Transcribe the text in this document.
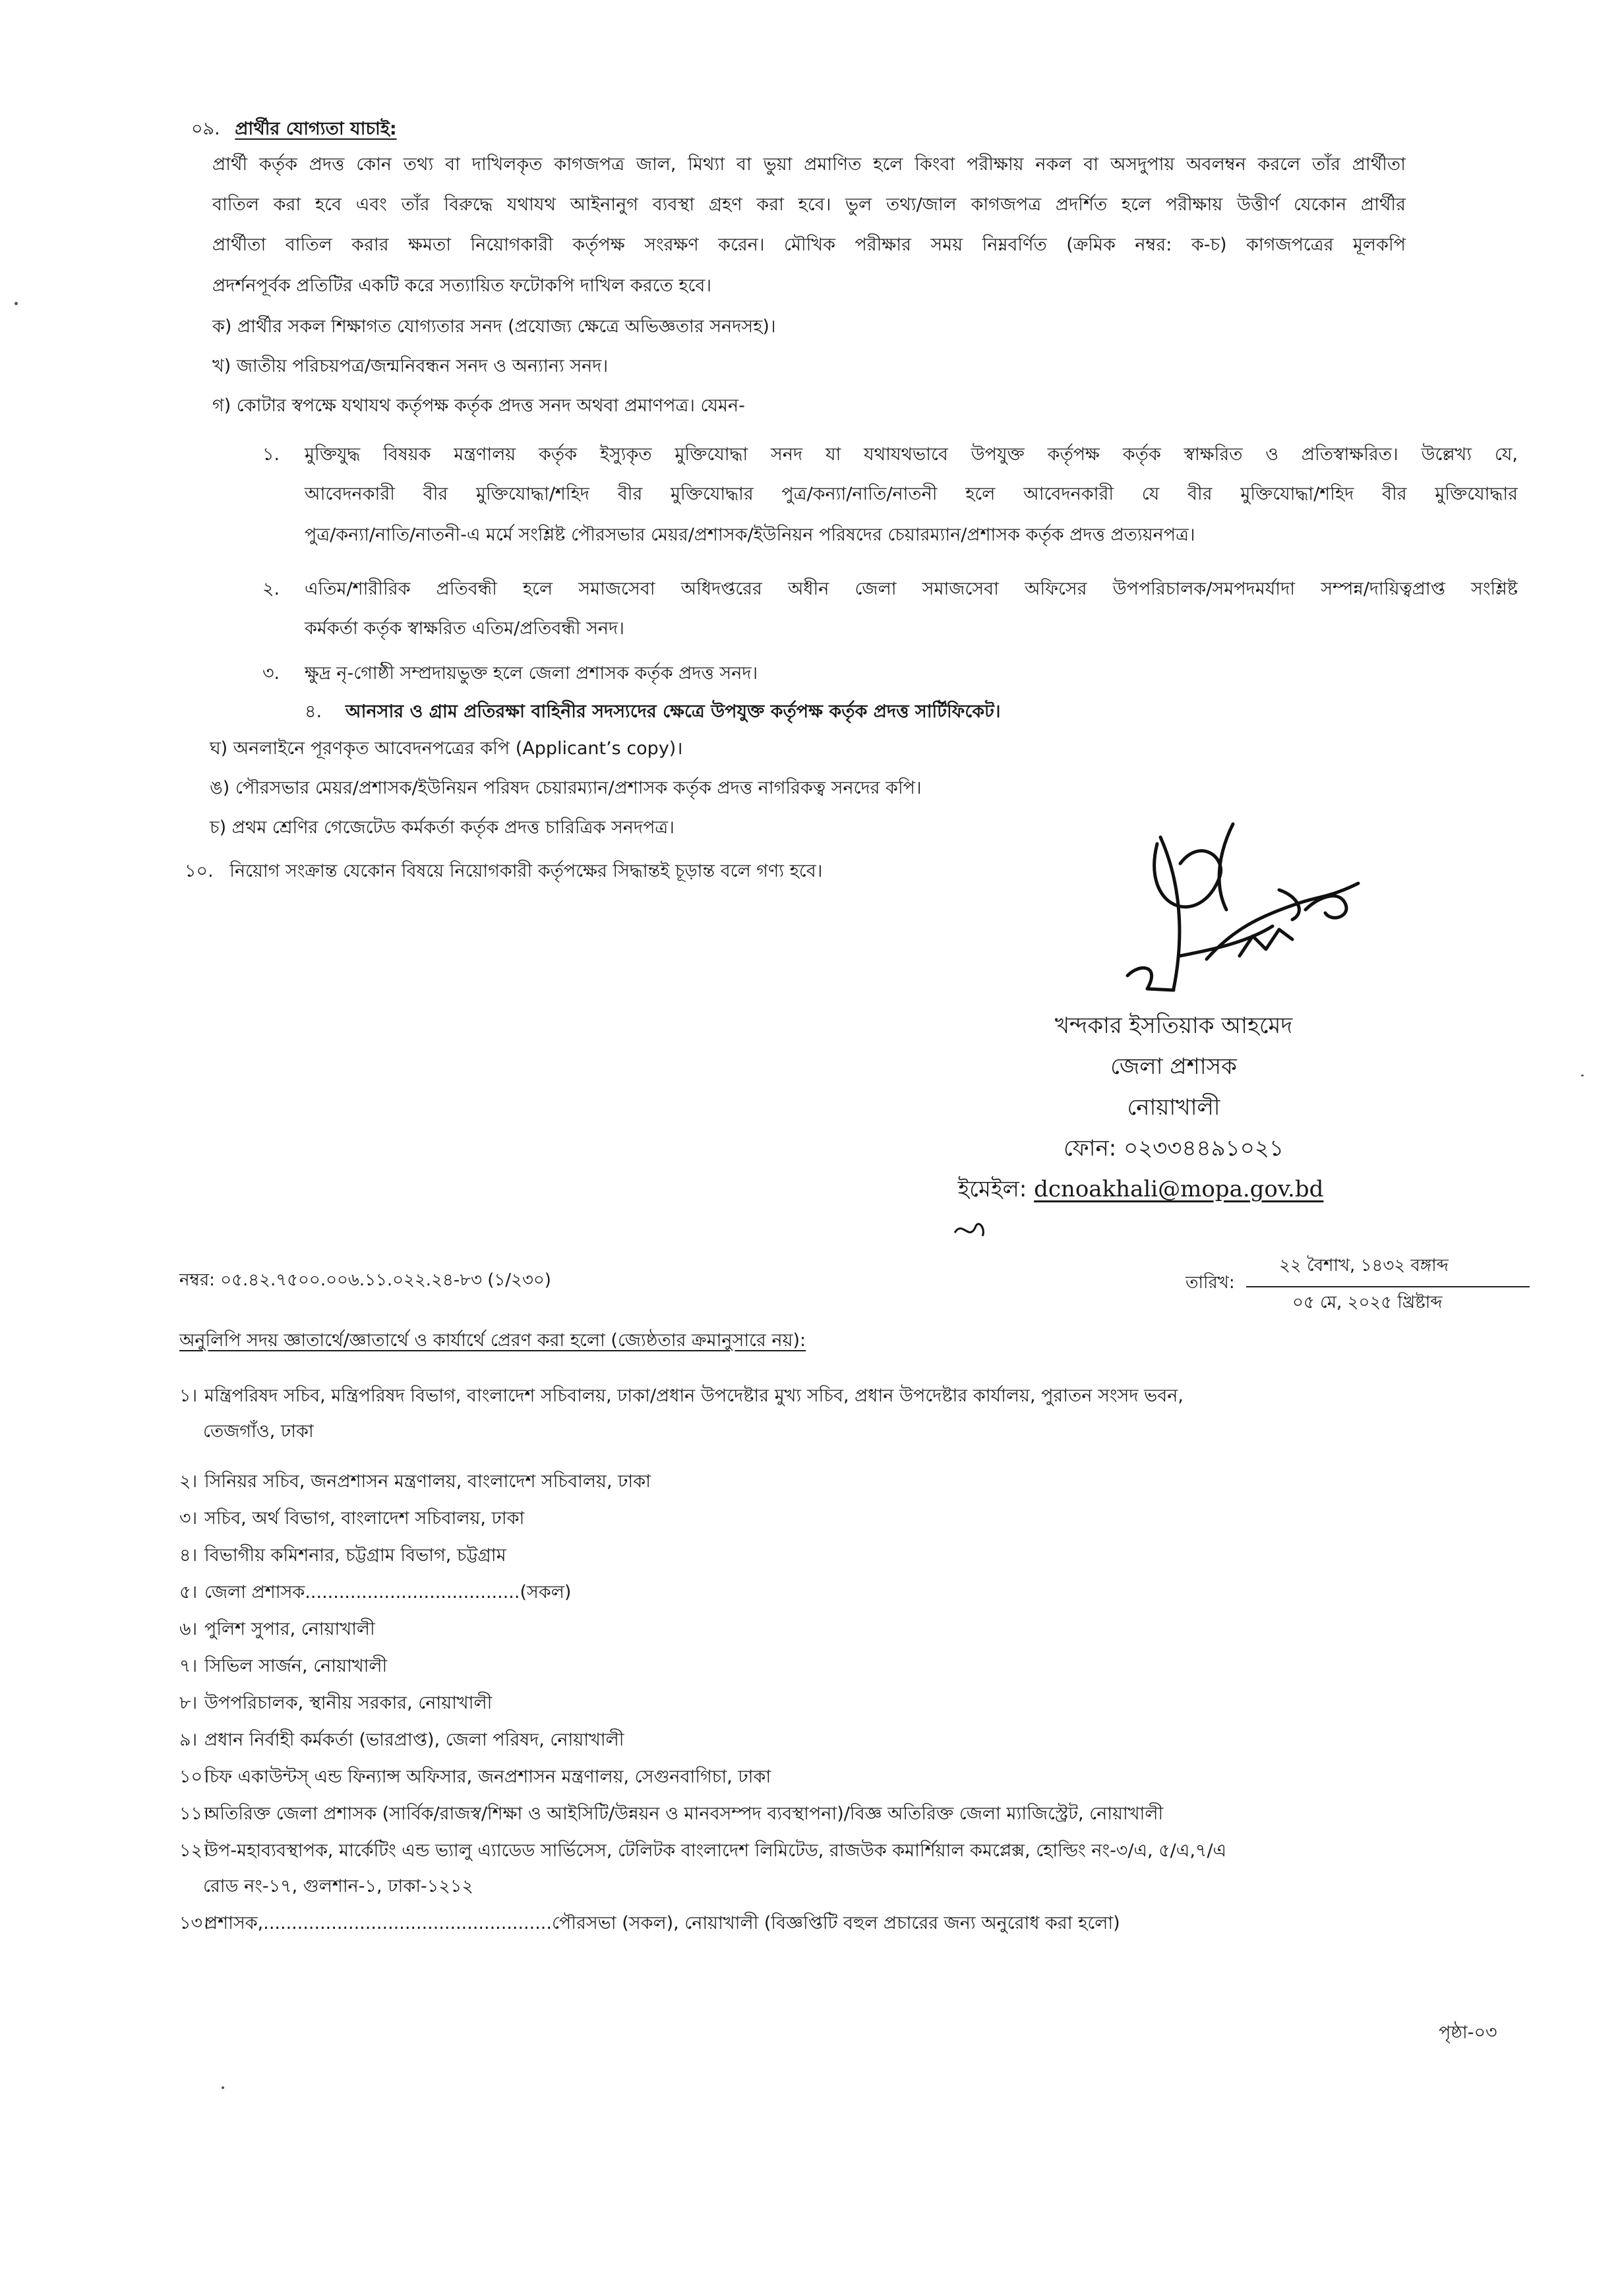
০৯. প্রার্থীর যোগ্যতা যাচাই:
প্রার্থী কর্তৃক প্রদত্ত কোন তথ্য বা দাখিলকৃত কাগজপত্র জাল, মিথ্যা বা ভুয়া প্রমাণিত হলে কিংবা পরীক্ষায় নকল বা অসদুপায় অবলম্বন করলে তাঁর প্রার্থীতা
বাতিল করা হবে এবং তাঁর বিরুদ্ধে যথাযথ আইনানুগ ব্যবস্থা গ্রহণ করা হবে। ভুল তথ্য/জাল কাগজপত্র প্রদর্শিত হলে পরীক্ষায় উত্তীর্ণ যেকোন প্রার্থীর
প্রার্থীতা বাতিল করার ক্ষমতা নিয়োগকারী কর্তৃপক্ষ সংরক্ষণ করেন। মৌখিক পরীক্ষার সময় নিম্নবর্ণিত (ক্রমিক নম্বর: ক-চ) কাগজপত্রের মূলকপি
প্রদর্শনপূর্বক প্রতিটির একটি করে সত্যায়িত ফটোকপি দাখিল করতে হবে।
ক) প্রার্থীর সকল শিক্ষাগত যোগ্যতার সনদ (প্রযোজ্য ক্ষেত্রে অভিজ্ঞতার সনদসহ)।
খ) জাতীয় পরিচয়পত্র/জন্মনিবন্ধন সনদ ও অন্যান্য সনদ।
গ) কোটার স্বপক্ষে যথাযথ কর্তৃপক্ষ কর্তৃক প্রদত্ত সনদ অথবা প্রমাণপত্র। যেমন-
১. মুক্তিযুদ্ধ বিষয়ক মন্ত্রণালয় কর্তৃক ইস্যুকৃত মুক্তিযোদ্ধা সনদ যা যথাযথভাবে উপযুক্ত কর্তৃপক্ষ কর্তৃক স্বাক্ষরিত ও প্রতিস্বাক্ষরিত। উল্লেখ্য যে,
আবেদনকারী বীর মুক্তিযোদ্ধা/শহিদ বীর মুক্তিযোদ্ধার পুত্র/কন্যা/নাতি/নাতনী হলে আবেদনকারী যে বীর মুক্তিযোদ্ধা/শহিদ বীর মুক্তিযোদ্ধার
পুত্র/কন্যা/নাতি/নাতনী-এ মর্মে সংশ্লিষ্ট পৌরসভার মেয়র/প্রশাসক/ইউনিয়ন পরিষদের চেয়ারম্যান/প্রশাসক কর্তৃক প্রদত্ত প্রত্যয়নপত্র।
২. এতিম/শারীরিক প্রতিবন্ধী হলে সমাজসেবা অধিদপ্তরের অধীন জেলা সমাজসেবা অফিসের উপপরিচালক/সমপদমর্যাদা সম্পন্ন/দায়িত্বপ্রাপ্ত সংশ্লিষ্ট
কর্মকর্তা কর্তৃক স্বাক্ষরিত এতিম/প্রতিবন্ধী সনদ।
৩. ক্ষুদ্র নৃ-গোষ্ঠী সম্প্রদায়ভুক্ত হলে জেলা প্রশাসক কর্তৃক প্রদত্ত সনদ।
৪. আনসার ও গ্রাম প্রতিরক্ষা বাহিনীর সদস্যদের ক্ষেত্রে উপযুক্ত কর্তৃপক্ষ কর্তৃক প্রদত্ত সার্টিফিকেট।
ঘ) অনলাইনে পূরণকৃত আবেদনপত্রের কপি (Applicant’s copy)।
ঙ) পৌরসভার মেয়র/প্রশাসক/ইউনিয়ন পরিষদ চেয়ারম্যান/প্রশাসক কর্তৃক প্রদত্ত নাগরিকত্ব সনদের কপি।
চ) প্রথম শ্রেণির গেজেটেড কর্মকর্তা কর্তৃক প্রদত্ত চারিত্রিক সনদপত্র।
১০. নিয়োগ সংক্রান্ত যেকোন বিষয়ে নিয়োগকারী কর্তৃপক্ষের সিদ্ধান্তই চূড়ান্ত বলে গণ্য হবে।
খন্দকার ইসতিয়াক আহমেদ
জেলা প্রশাসক
নোয়াখালী
ফোন: ০২৩৩৪৪৯১০২১
ইমেইল: dcnoakhali@mopa.gov.bd
নম্বর: ০৫.৪২.৭৫০০.০০৬.১১.০২২.২৪-৮৩ (১/২৩০)	তারিখ:
২২ বৈশাখ, ১৪৩২ বঙ্গাব্দ
০৫ মে, ২০২৫ খ্রিষ্টাব্দ
অনুলিপি সদয় জ্ঞাতার্থে/জ্ঞাতার্থে ও কার্যার্থে প্রেরণ করা হলো (জ্যেষ্ঠতার ক্রমানুসারে নয়):
১। মন্ত্রিপরিষদ সচিব, মন্ত্রিপরিষদ বিভাগ, বাংলাদেশ সচিবালয়, ঢাকা/প্রধান উপদেষ্টার মুখ্য সচিব, প্রধান উপদেষ্টার কার্যালয়, পুরাতন সংসদ ভবন,
তেজগাঁও, ঢাকা
২। সিনিয়র সচিব, জনপ্রশাসন মন্ত্রণালয়, বাংলাদেশ সচিবালয়, ঢাকা
৩। সচিব, অর্থ বিভাগ, বাংলাদেশ সচিবালয়, ঢাকা
৪। বিভাগীয় কমিশনার, চট্টগ্রাম বিভাগ, চট্টগ্রাম
৫। জেলা প্রশাসক......................................(সকল)
৬। পুলিশ সুপার, নোয়াখালী
৭। সিভিল সার্জন, নোয়াখালী
৮। উপপরিচালক, স্থানীয় সরকার, নোয়াখালী
৯। প্রধান নির্বাহী কর্মকর্তা (ভারপ্রাপ্ত), জেলা পরিষদ, নোয়াখালী
১০।
চিফ একাউন্টস্ এন্ড ফিন্যান্স অফিসার, জনপ্রশাসন মন্ত্রণালয়, সেগুনবাগিচা, ঢাকা
১১।
অতিরিক্ত জেলা প্রশাসক (সার্বিক/রাজস্ব/শিক্ষা ও আইসিটি/উন্নয়ন ও মানবসম্পদ ব্যবস্থাপনা)/বিজ্ঞ অতিরিক্ত জেলা ম্যাজিস্ট্রেট, নোয়াখালী
১২।
উপ-মহাব্যবস্থাপক, মার্কেটিং এন্ড ভ্যালু এ্যাডেড সার্ভিসেস, টেলিটক বাংলাদেশ লিমিটেড, রাজউক কমার্শিয়াল কমপ্লেক্স, হোল্ডিং নং-৩/এ, ৫/এ,৭/এ
রোড নং-১৭, গুলশান-১, ঢাকা-১২১২
১৩।
প্রশাসক,...................................................পৌরসভা (সকল), নোয়াখালী (বিজ্ঞপ্তিটি বহুল প্রচারের জন্য অনুরোধ করা হলো)
পৃষ্ঠা-০৩
